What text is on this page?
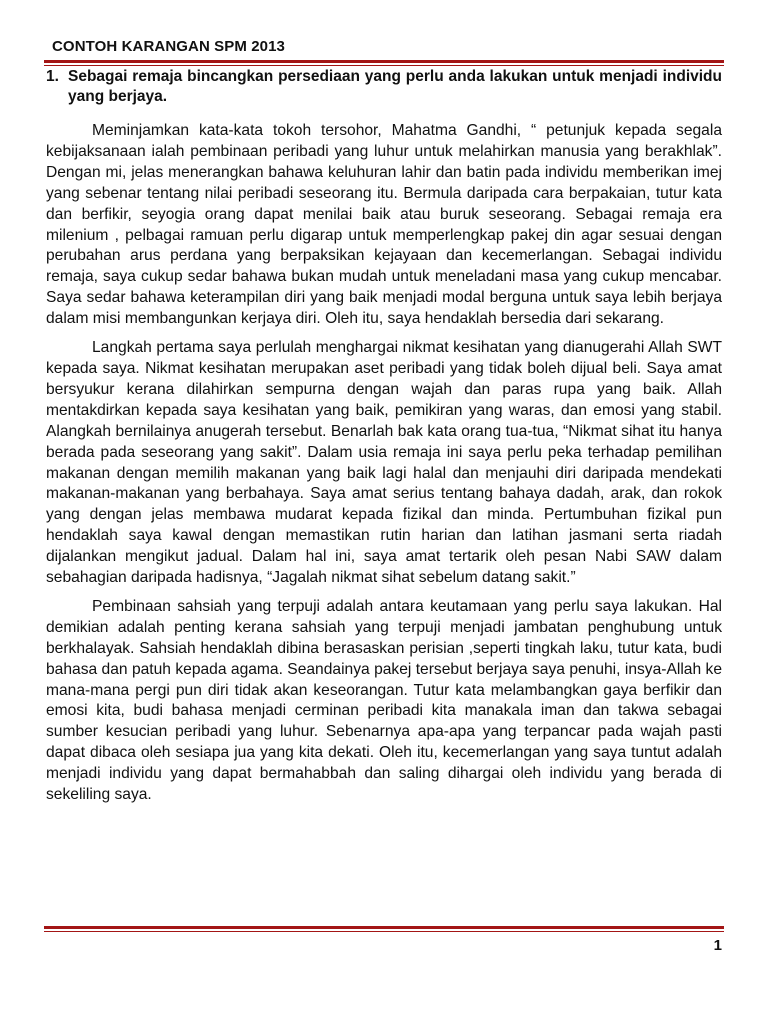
CONTOH KARANGAN SPM 2013
1. Sebagai remaja bincangkan persediaan yang perlu anda lakukan untuk menjadi individu yang berjaya.

Meminjamkan kata-kata tokoh tersohor, Mahatma Gandhi, “ petunjuk kepada segala kebijaksanaan ialah pembinaan peribadi yang luhur untuk melahirkan manusia yang berakhlak”. Dengan mi, jelas menerangkan bahawa keluhuran lahir dan batin pada individu memberikan imej yang sebenar tentang nilai peribadi seseorang itu. Bermula daripada cara berpakaian, tutur kata dan berfikir, seyogia orang dapat menilai baik atau buruk seseorang. Sebagai remaja era milenium , pelbagai ramuan perlu digarap untuk memperlengkap pakej din agar sesuai dengan perubahan arus perdana yang berpaksikan kejayaan dan kecemerlangan. Sebagai individu remaja, saya cukup sedar bahawa bukan mudah untuk meneladani masa yang cukup mencabar. Saya sedar bahawa keterampilan diri yang baik menjadi modal berguna untuk saya lebih berjaya dalam misi membangunkan kerjaya diri. Oleh itu, saya hendaklah bersedia dari sekarang.

Langkah pertama saya perlulah menghargai nikmat kesihatan yang dianugerahi Allah SWT kepada saya. Nikmat kesihatan merupakan aset peribadi yang tidak boleh dijual beli. Saya amat bersyukur kerana dilahirkan sempurna dengan wajah dan paras rupa yang baik. Allah mentakdirkan kepada saya kesihatan yang baik, pemikiran yang waras, dan emosi yang stabil. Alangkah bernilainya anugerah tersebut. Benarlah bak kata orang tua-tua, “Nikmat sihat itu hanya berada pada seseorang yang sakit”. Dalam usia remaja ini saya perlu peka terhadap pemilihan makanan dengan memilih makanan yang baik lagi halal dan menjauhi diri daripada mendekati makanan-makanan yang berbahaya. Saya amat serius tentang bahaya dadah, arak, dan rokok yang dengan jelas membawa mudarat kepada fizikal dan minda. Pertumbuhan fizikal pun hendaklah saya kawal dengan memastikan rutin harian dan latihan jasmani serta riadah dijalankan mengikut jadual. Dalam hal ini, saya amat tertarik oleh pesan Nabi SAW dalam sebahagian daripada hadisnya, “Jagalah nikmat sihat sebelum datang sakit.”

Pembinaan sahsiah yang terpuji adalah antara keutamaan yang perlu saya lakukan. Hal demikian adalah penting kerana sahsiah yang terpuji menjadi jambatan penghubung untuk berkhalayak. Sahsiah hendaklah dibina berasaskan perisian ,seperti tingkah laku, tutur kata, budi bahasa dan patuh kepada agama. Seandainya pakej tersebut berjaya saya penuhi, insya-Allah ke mana-mana pergi pun diri tidak akan keseorangan. Tutur kata melambangkan gaya berfikir dan emosi kita, budi bahasa menjadi cerminan peribadi kita manakala iman dan takwa sebagai sumber kesucian peribadi yang luhur. Sebenarnya apa-apa yang terpancar pada wajah pasti dapat dibaca oleh sesiapa jua yang kita dekati. Oleh itu, kecemerlangan yang saya tuntut adalah menjadi individu yang dapat bermahabbah dan saling dihargai oleh individu yang berada di sekeliling saya.

1
